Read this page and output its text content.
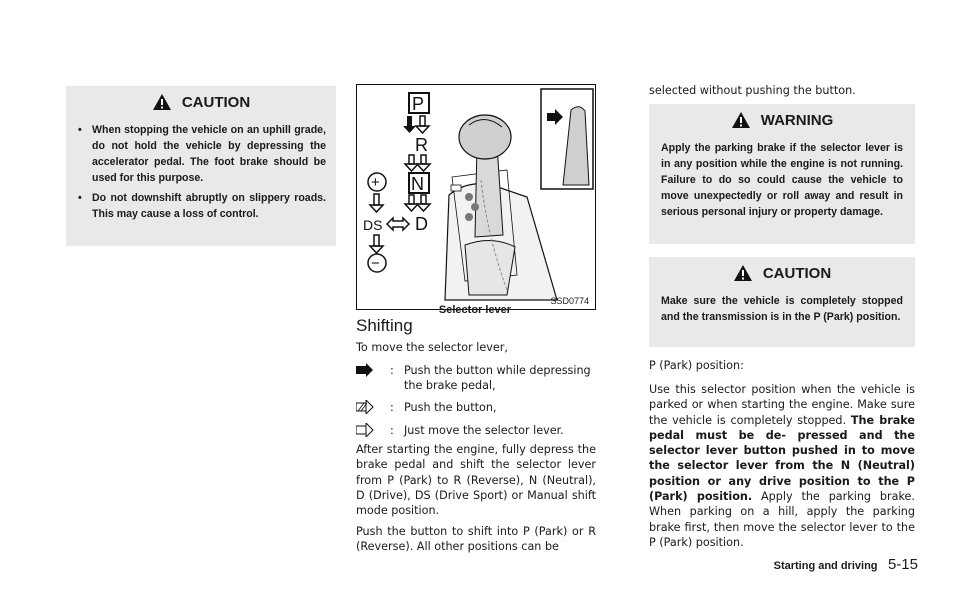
CAUTION
• When stopping the vehicle on an uphill grade, do not hold the vehicle by depressing the accelerator pedal. The foot brake should be used for this purpose.
• Do not downshift abruptly on slippery roads. This may cause a loss of control.
P
R
N
D
DS
+
−
SSD0774
Selector lever
Shifting

To move the selector lever,

: Push the button while depressing the brake pedal,
: Push the button,
: Just move the selector lever.

After starting the engine, fully depress the brake pedal and shift the selector lever from P (Park) to R (Reverse), N (Neutral), D (Drive), DS (Drive Sport) or Manual shift mode position.

Push the button to shift into P (Park) or R (Reverse). All other positions can be

selected without pushing the button.

WARNING

Apply the parking brake if the selector lever is in any position while the engine is not running. Failure to do so could cause the vehicle to move unexpectedly or roll away and result in serious personal injury or property damage.

CAUTION

Make sure the vehicle is completely stopped and the transmission is in the P (Park) position.

P (Park) position:

Use this selector position when the vehicle is parked or when starting the engine. Make sure the vehicle is completely stopped. The brake pedal must be de- pressed and the selector lever button pushed in to move the selector lever from the N (Neutral) position or any drive position to the P (Park) position. Apply the parking brake. When parking on a hill, apply the parking brake first, then move the selector lever to the P (Park) position.

Starting and driving 5-15
